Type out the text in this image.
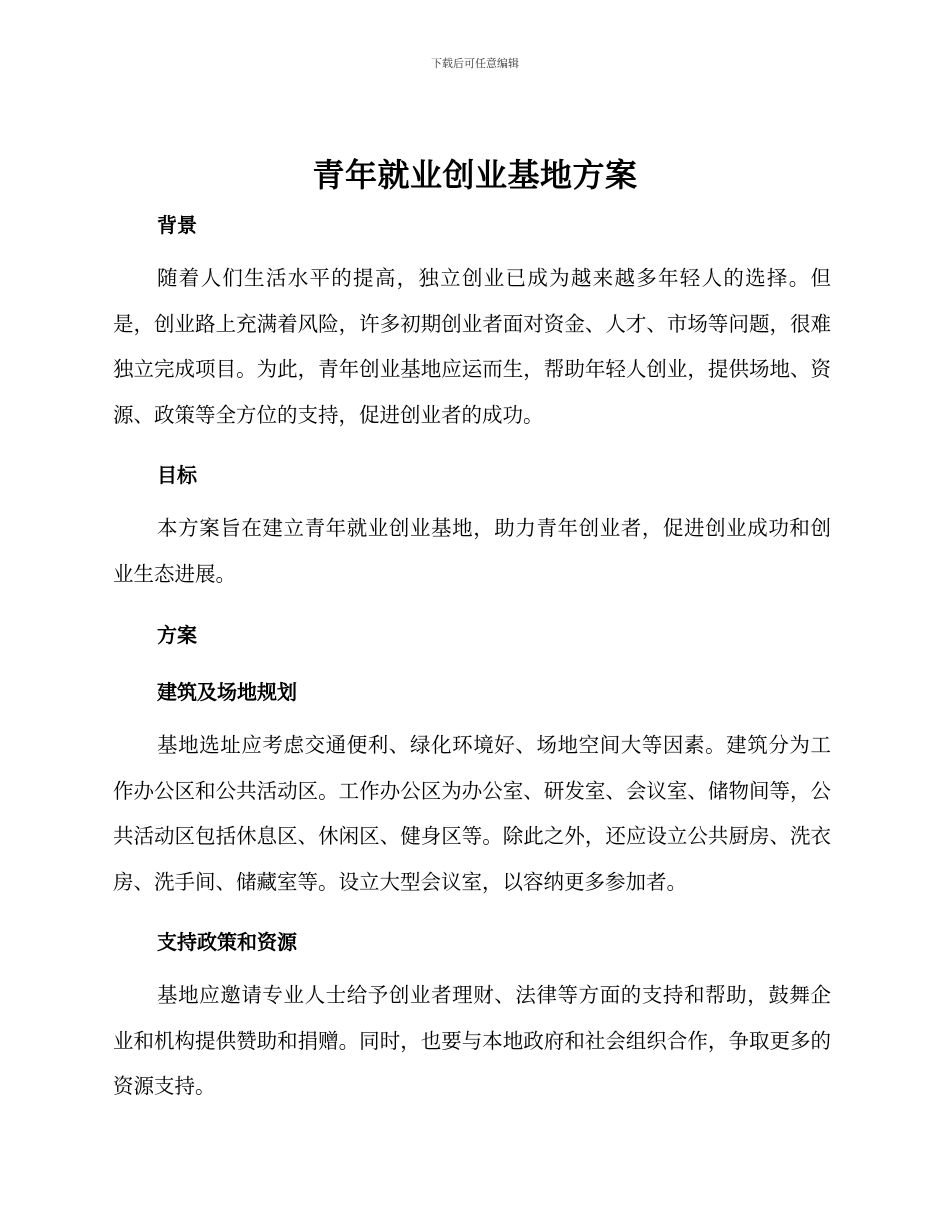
下载后可任意编辑
青年就业创业基地方案
背景

随着人们生活水平的提高，独立创业已成为越来越多年轻人的选择。但是，创业路上充满着风险，许多初期创业者面对资金、人才、市场等问题，很难独立完成项目。为此，青年创业基地应运而生，帮助年轻人创业，提供场地、资源、政策等全方位的支持，促进创业者的成功。

目标

本方案旨在建立青年就业创业基地，助力青年创业者，促进创业成功和创业生态进展。

方案
建筑及场地规划

基地选址应考虑交通便利、绿化环境好、场地空间大等因素。建筑分为工作办公区和公共活动区。工作办公区为办公室、研发室、会议室、储物间等，公共活动区包括休息区、休闲区、健身区等。除此之外，还应设立公共厨房、洗衣房、洗手间、储藏室等。设立大型会议室，以容纳更多参加者。

支持政策和资源

基地应邀请专业人士给予创业者理财、法律等方面的支持和帮助，鼓舞企业和机构提供赞助和捐赠。同时，也要与本地政府和社会组织合作，争取更多的资源支持。
